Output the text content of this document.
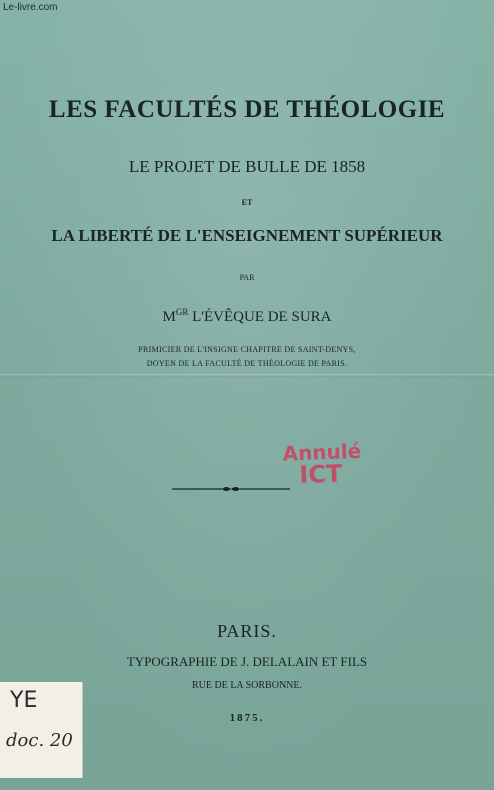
Le-livre.com
LES FACULTÉS DE THÉOLOGIE
LE PROJET DE BULLE DE 1858
ET
LA LIBERTÉ DE L'ENSEIGNEMENT SUPÉRIEUR
PAR
$M^{GR}$ L'ÉVÊQUE DE SURA
PRIMICIER DE L'INSIGNE CHAPITRE DE SAINT-DENYS,
DOYEN DE LA FACULTÉ DE THÉOLOGIE DE PARIS.
Annulé
ICT
PARIS.
TYPOGRAPHIE DE J. DELALAIN ET FILS
RUE DE LA SORBONNE.
1875.
YE
doc. 20
